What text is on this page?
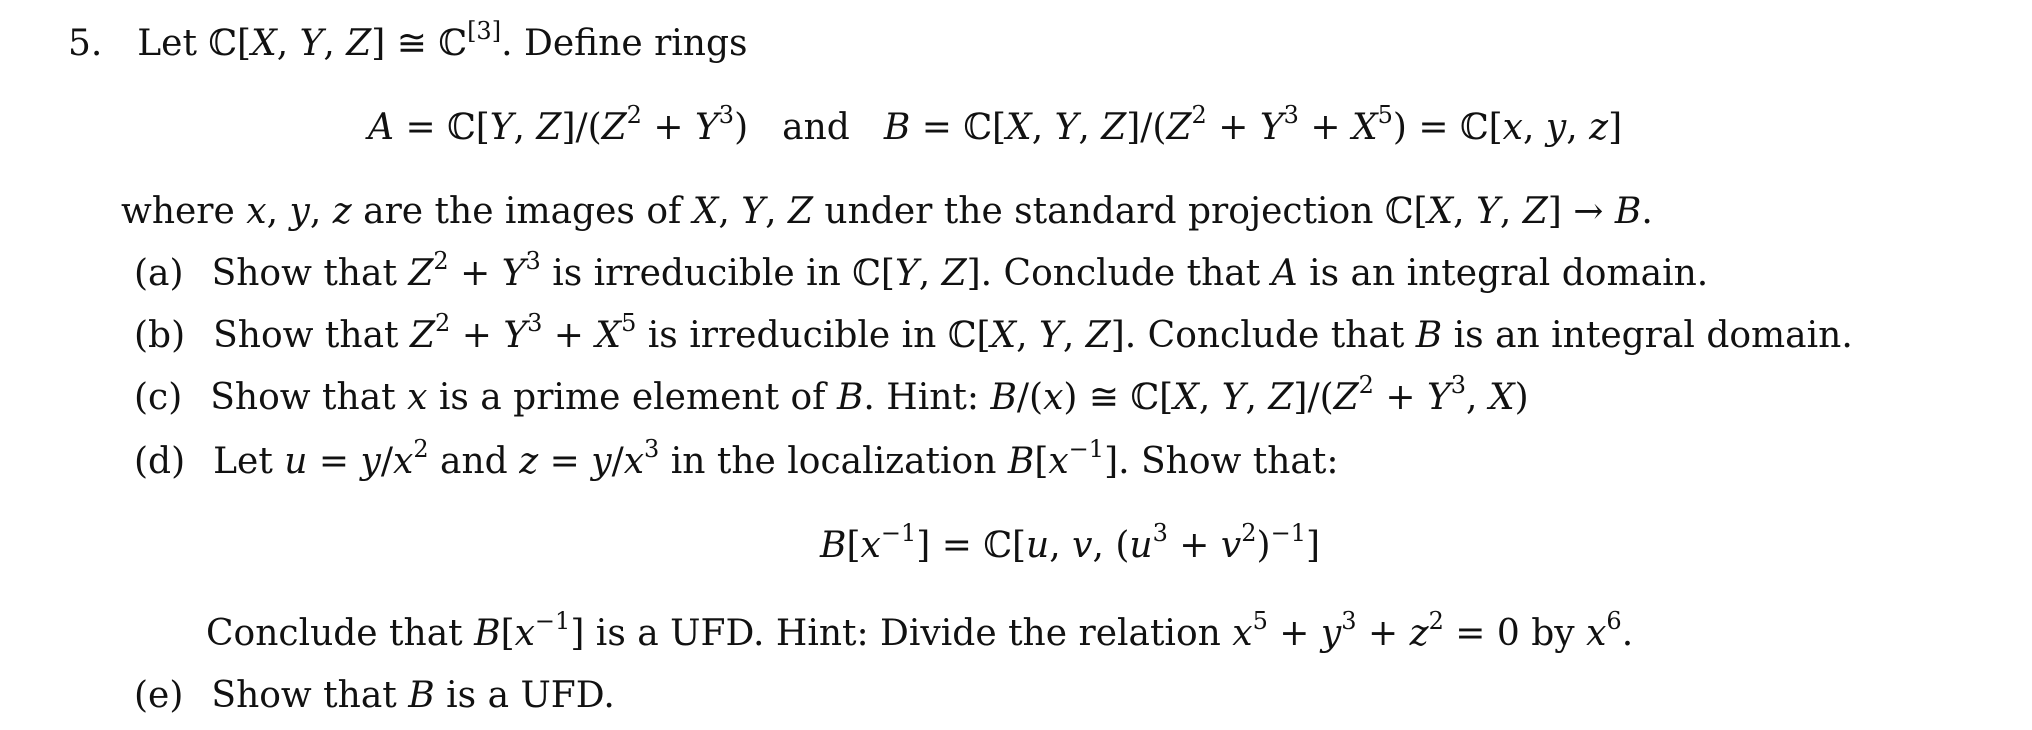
5. Let ℂ[X, Y, Z] ≅ ℂ[3]. Define rings
A = ℂ[Y, $Z]/(Z^2 + Y^3)$ and B = ℂ[X, Y, $Z]/(Z^2 + Y^3 + X^5)$ = ℂ[x, y, z]
where x, y, z are the images of X, Y, Z under the standard projection ℂ[X, Y, Z] → B.
(a) Show that $Z^2 + Y^3$ is irreducible in ℂ[Y, Z]. Conclude that A is an integral domain.
(b) Show that $Z^2 + Y^3 + X^5$ is irreducible in ℂ[X, Y, Z]. Conclude that B is an integral domain.
(c) Show that x is a prime element of B. Hint: B/(x) ≅ ℂ[X, Y, $Z]/(Z^2 + Y^3$, X)
(d) Let $u = y/x^2$ and $z = y/x^3$ in the localization $B[x^{-1}]$. Show that:
$B[x^{-1}]$ = ℂ[u, v, $(u^3 + v^2)^{-1}$]
Conclude that $B[x^{-1}]$ is a UFD. Hint: Divide the relation $x^5 + y^3 + z^2 = 0$ by $x^6$.
(e) Show that B is a UFD.
